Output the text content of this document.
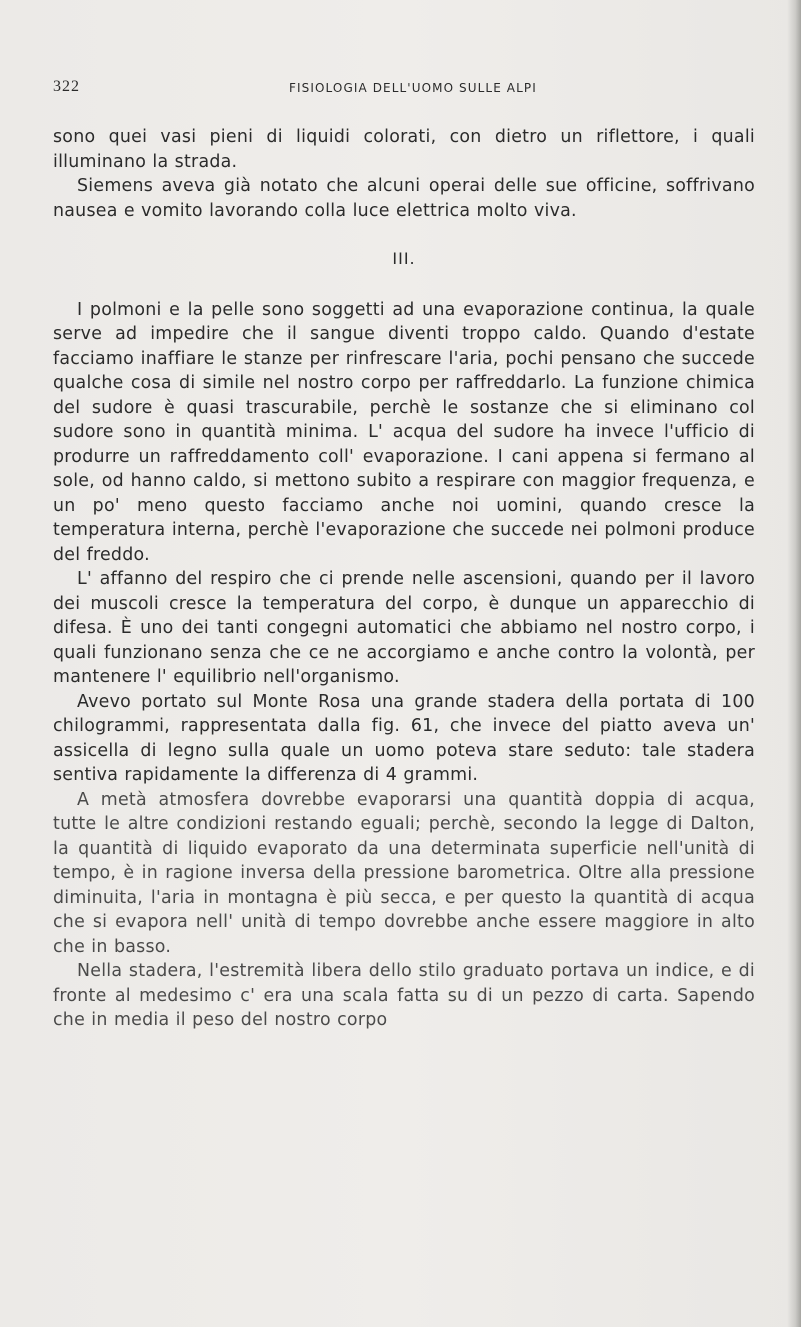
322	FISIOLOGIA DELL'UOMO SULLE ALPI

sono quei vasi pieni di liquidi colorati, con dietro un riflettore, i quali illuminano la strada.

Siemens aveva già notato che alcuni operai delle sue officine, soffrivano nausea e vomito lavorando colla luce elettrica molto viva.

III.

I polmoni e la pelle sono soggetti ad una evaporazione continua, la quale serve ad impedire che il sangue diventi troppo caldo. Quando d'estate facciamo inaffiare le stanze per rinfrescare l'aria, pochi pensano che succede qualche cosa di simile nel nostro corpo per raffreddarlo. La funzione chimica del sudore è quasi trascurabile, perchè le sostanze che si eliminano col sudore sono in quantità minima. L' acqua del sudore ha invece l'ufficio di produrre un raffreddamento coll' evaporazione. I cani appena si fermano al sole, od hanno caldo, si mettono subito a respirare con maggior frequenza, e un po' meno questo facciamo anche noi uomini, quando cresce la temperatura interna, perchè l'evaporazione che succede nei polmoni produce del freddo.

L' affanno del respiro che ci prende nelle ascensioni, quando per il lavoro dei muscoli cresce la temperatura del corpo, è dunque un apparecchio di difesa. È uno dei tanti congegni automatici che abbiamo nel nostro corpo, i quali funzionano senza che ce ne accorgiamo e anche contro la volontà, per mantenere l' equilibrio nell'organismo.

Avevo portato sul Monte Rosa una grande stadera della portata di 100 chilogrammi, rappresentata dalla fig. 61, che invece del piatto aveva un' assicella di legno sulla quale un uomo poteva stare seduto: tale stadera sentiva rapidamente la differenza di 4 grammi.

A metà atmosfera dovrebbe evaporarsi una quantità doppia di acqua, tutte le altre condizioni restando eguali; perchè, secondo la legge di Dalton, la quantità di liquido evaporato da una determinata superficie nell'unità di tempo, è in ragione inversa della pressione barometrica. Oltre alla pressione diminuita, l'aria in montagna è più secca, e per questo la quantità di acqua che si evapora nell' unità di tempo dovrebbe anche essere maggiore in alto che in basso.

Nella stadera, l'estremità libera dello stilo graduato portava un indice, e di fronte al medesimo c' era una scala fatta su di un pezzo di carta. Sapendo che in media il peso del nostro corpo
